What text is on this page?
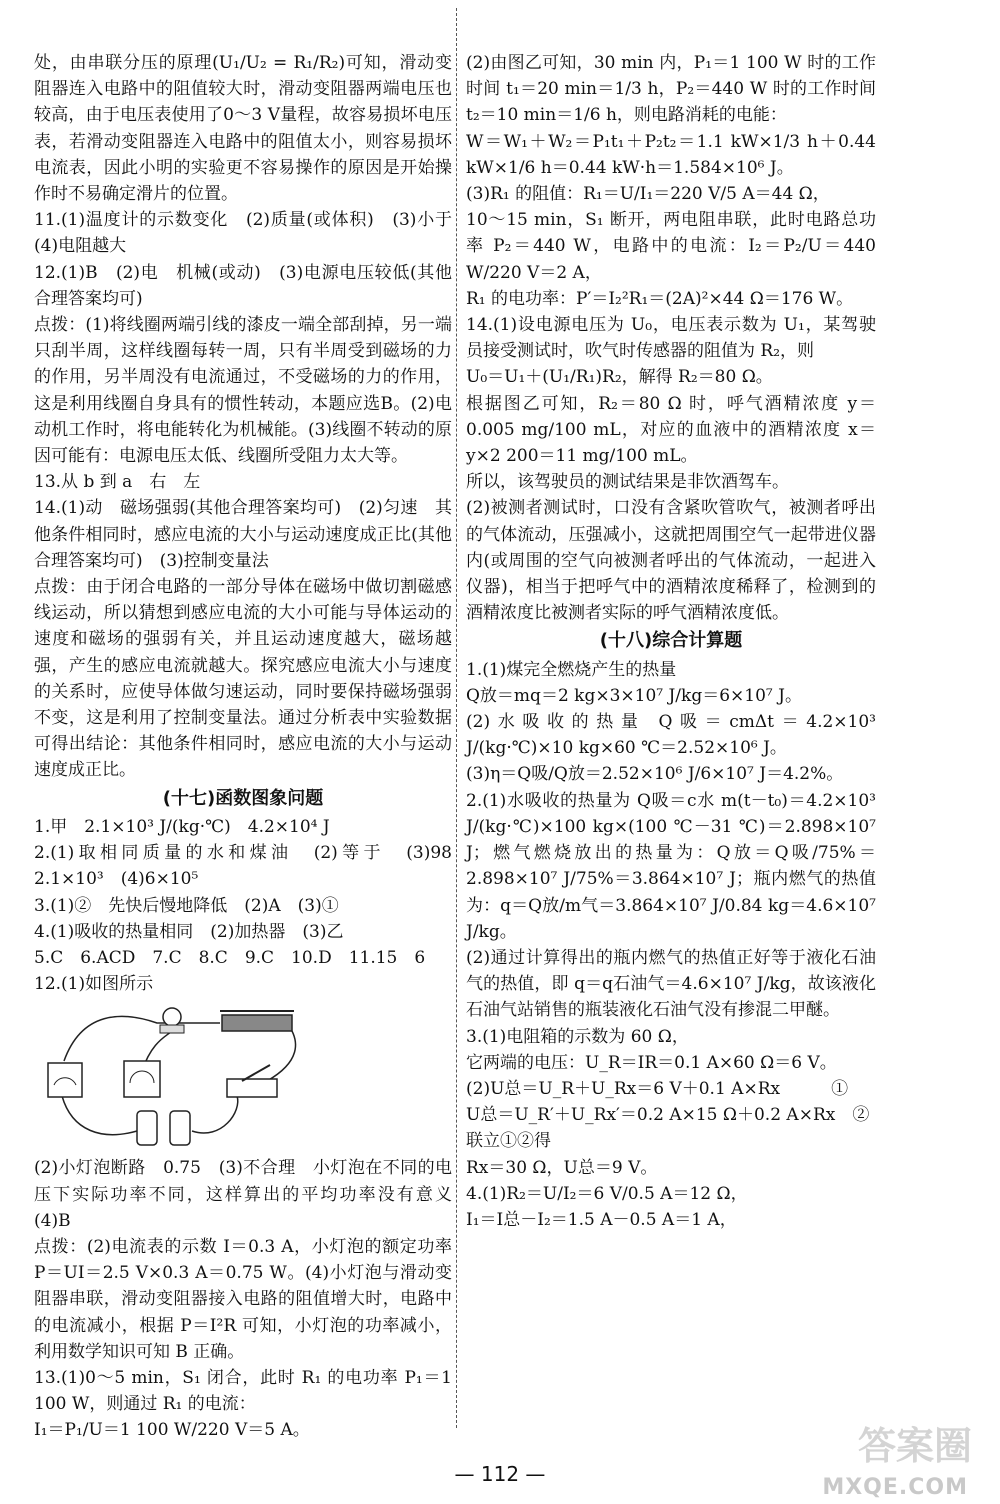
处，由串联分压的原理(U₁/U₂ = R₁/R₂)可知，滑动变阻器连入电路中的阻值较大时，滑动变阻器两端电压也较高，由于电压表使用了0～3 V量程，故容易损坏电压表，若滑动变阻器连入电路中的阻值太小，则容易损坏电流表，因此小明的实验更不容易操作的原因是开始操作时不易确定滑片的位置。

11.(1)温度计的示数变化　(2)质量(或体积)　(3)小于　(4)电阻越大

12.(1)B　(2)电　机械(或动)　(3)电源电压较低(其他合理答案均可)

点拨：(1)将线圈两端引线的漆皮一端全部刮掉，另一端只刮半周，这样线圈每转一周，只有半周受到磁场的力的作用，另半周没有电流通过，不受磁场的力的作用，这是利用线圈自身具有的惯性转动，本题应选B。(2)电动机工作时，将电能转化为机械能。(3)线圈不转动的原因可能有：电源电压太低、线圈所受阻力太大等。

13.从 b 到 a　右　左

14.(1)动　磁场强弱(其他合理答案均可)　(2)匀速　其他条件相同时，感应电流的大小与运动速度成正比(其他合理答案均可)　(3)控制变量法

点拨：由于闭合电路的一部分导体在磁场中做切割磁感线运动，所以猜想到感应电流的大小可能与导体运动的速度和磁场的强弱有关，并且运动速度越大，磁场越强，产生的感应电流就越大。探究感应电流大小与速度的关系时，应使导体做匀速运动，同时要保持磁场强弱不变，这是利用了控制变量法。通过分析表中实验数据可得出结论：其他条件相同时，感应电流的大小与运动速度成正比。

(十七)函数图象问题

1.甲　2.1×10³ J/(kg·℃)　4.2×10⁴ J

2.(1)取相同质量的水和煤油　(2)等于　(3)98　2.1×10³　(4)6×10⁵

3.(1)②　先快后慢地降低　(2)A　(3)①

4.(1)吸收的热量相同　(2)加热器　(3)乙

5.C　6.ACD　7.C　8.C　9.C　10.D　11.15　6

12.(1)如图所示

(2)小灯泡断路　0.75　(3)不合理　小灯泡在不同的电压下实际功率不同，这样算出的平均功率没有意义　(4)B

点拨：(2)电流表的示数 I＝0.3 A，小灯泡的额定功率 P＝UI＝2.5 V×0.3 A＝0.75 W。(4)小灯泡与滑动变阻器串联，滑动变阻器接入电路的阻值增大时，电路中的电流减小，根据 P＝I²R 可知，小灯泡的功率减小，利用数学知识可知 B 正确。

13.(1)0～5 min，S₁ 闭合，此时 R₁ 的电功率 P₁＝1 100 W，则通过 R₁ 的电流：

I₁＝P₁/U＝1 100 W/220 V＝5 A。

(2)由图乙可知，30 min 内，P₁＝1 100 W 时的工作时间 t₁＝20 min＝1/3 h，P₂＝440 W 时的工作时间 t₂＝10 min＝1/6 h，则电路消耗的电能：

W＝W₁＋W₂＝P₁t₁＋P₂t₂＝1.1 kW×1/3 h＋0.44 kW×1/6 h＝0.44 kW·h＝1.584×10⁶ J。

(3)R₁ 的阻值：R₁＝U/I₁＝220 V/5 A＝44 Ω，

10～15 min，S₁ 断开，两电阻串联，此时电路总功率 P₂＝440 W，电路中的电流：I₂＝P₂/U＝440 W/220 V＝2 A，

R₁ 的电功率：P′＝I₂²R₁＝(2A)²×44 Ω＝176 W。

14.(1)设电源电压为 U₀，电压表示数为 U₁，某驾驶员接受测试时，吹气时传感器的阻值为 R₂，则

U₀＝U₁＋(U₁/R₁)R₂，解得 R₂＝80 Ω。

根据图乙可知，R₂＝80 Ω 时，呼气酒精浓度 y＝0.005 mg/100 mL，对应的血液中的酒精浓度 x＝y×2 200＝11 mg/100 mL。

所以，该驾驶员的测试结果是非饮酒驾车。

(2)被测者测试时，口没有含紧吹管吹气，被测者呼出的气体流动，压强减小，这就把周围空气一起带进仪器内(或周围的空气向被测者呼出的气体流动，一起进入仪器)，相当于把呼气中的酒精浓度稀释了，检测到的酒精浓度比被测者实际的呼气酒精浓度低。

(十八)综合计算题

1.(1)煤完全燃烧产生的热量

Q放＝mq＝2 kg×3×10⁷ J/kg＝6×10⁷ J。

(2)水吸收的热量 Q吸＝cmΔt＝4.2×10³ J/(kg·℃)×10 kg×60 ℃＝2.52×10⁶ J。

(3)η＝Q吸/Q放＝2.52×10⁶ J/6×10⁷ J＝4.2%。

2.(1)水吸收的热量为 Q吸＝c水 m(t－t₀)＝4.2×10³ J/(kg·℃)×100 kg×(100 ℃－31 ℃)＝2.898×10⁷ J；燃气燃烧放出的热量为：Q放＝Q吸/75%＝2.898×10⁷ J/75%＝3.864×10⁷ J；瓶内燃气的热值为：q＝Q放/m气＝3.864×10⁷ J/0.84 kg＝4.6×10⁷ J/kg。

(2)通过计算得出的瓶内燃气的热值正好等于液化石油气的热值，即 q＝q石油气＝4.6×10⁷ J/kg，故该液化石油气站销售的瓶装液化石油气没有掺混二甲醚。

3.(1)电阻箱的示数为 60 Ω，

它两端的电压：U_R＝IR＝0.1 A×60 Ω＝6 V。

(2)U总＝U_R＋U_Rx＝6 V＋0.1 A×Rx　　　①

U总＝U_R′＋U_Rx′＝0.2 A×15 Ω＋0.2 A×Rx　②

联立①②得

Rx＝30 Ω，U总＝9 V。

4.(1)R₂＝U/I₂＝6 V/0.5 A＝12 Ω，

I₁＝I总－I₂＝1.5 A－0.5 A＝1 A，

— 112 —
答案圈
MXQE.COM
